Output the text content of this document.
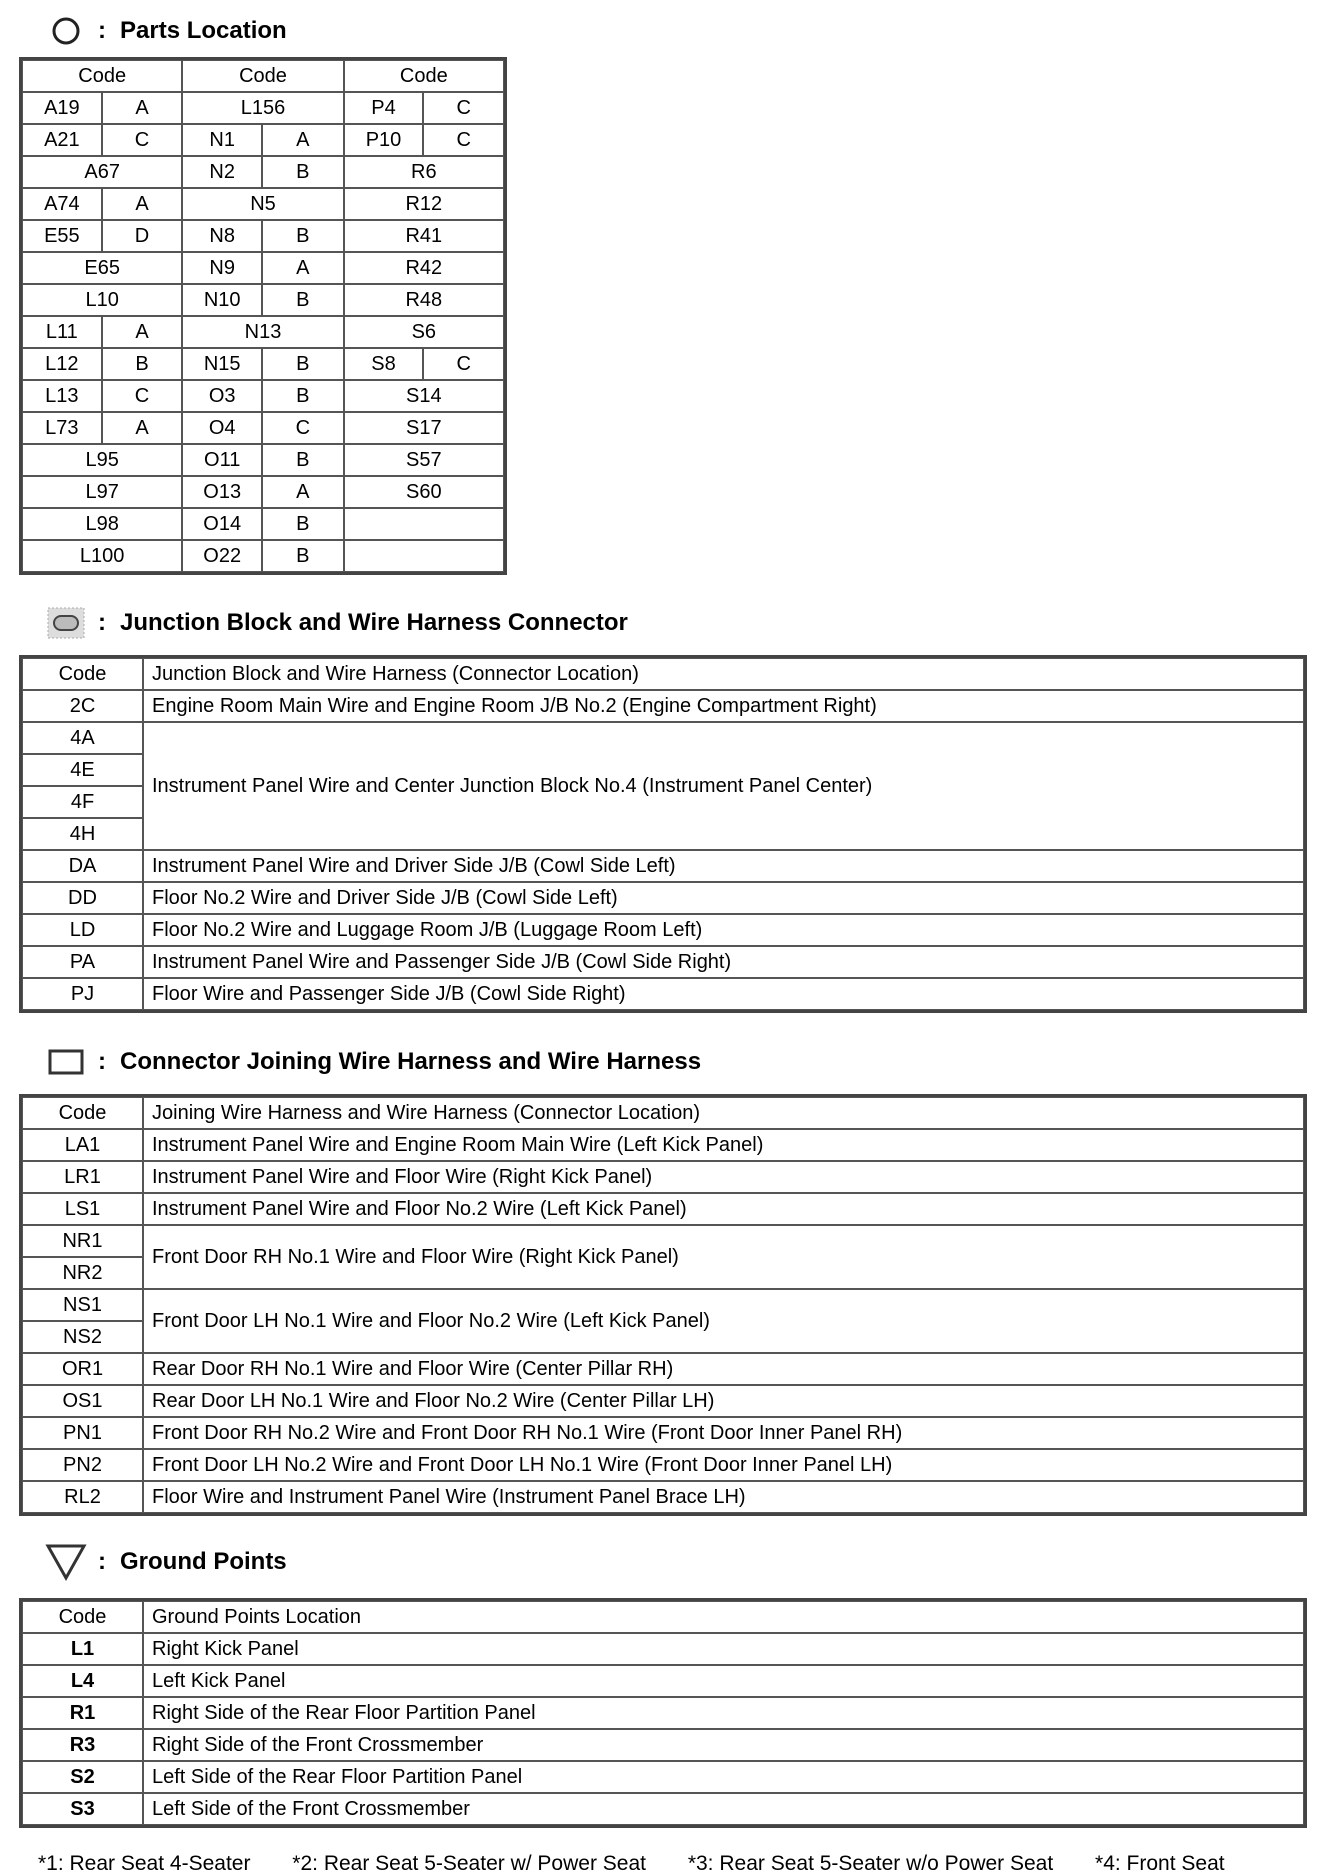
: Parts Location
Code		Code		Code	
A19	A	L156		P4	C
A21	C	N1	A	P10	C
A67		N2	B	R6	
A74	A	N5		R12	
E55	D	N8	B	R41	
E65		N9	A	R42	
L10		N10	B	R48	
L11	A	N13		S6	
L12	B	N15	B	S8	C
L13	C	O3	B	S14	
L73	A	O4	C	S17	
L95		O11	B	S57	
L97		O13	A	S60	
L98		O14	B		
L100		O22	B		
: Junction Block and Wire Harness Connector
Code	Junction Block and Wire Harness (Connector Location)
2C	Engine Room Main Wire and Engine Room J/B No.2 (Engine Compartment Right)
4A	Instrument Panel Wire and Center Junction Block No.4 (Instrument Panel Center)
4E	
4F	
4H	
DA	Instrument Panel Wire and Driver Side J/B (Cowl Side Left)
DD	Floor No.2 Wire and Driver Side J/B (Cowl Side Left)
LD	Floor No.2 Wire and Luggage Room J/B (Luggage Room Left)
PA	Instrument Panel Wire and Passenger Side J/B (Cowl Side Right)
PJ	Floor Wire and Passenger Side J/B (Cowl Side Right)
: Connector Joining Wire Harness and Wire Harness
Code	Joining Wire Harness and Wire Harness (Connector Location)
LA1	Instrument Panel Wire and Engine Room Main Wire (Left Kick Panel)
LR1	Instrument Panel Wire and Floor Wire (Right Kick Panel)
LS1	Instrument Panel Wire and Floor No.2 Wire (Left Kick Panel)
NR1	Front Door RH No.1 Wire and Floor Wire (Right Kick Panel)
NR2	
NS1	Front Door LH No.1 Wire and Floor No.2 Wire (Left Kick Panel)
NS2	
OR1	Rear Door RH No.1 Wire and Floor Wire (Center Pillar RH)
OS1	Rear Door LH No.1 Wire and Floor No.2 Wire (Center Pillar LH)
PN1	Front Door RH No.2 Wire and Front Door RH No.1 Wire (Front Door Inner Panel RH)
PN2	Front Door LH No.2 Wire and Front Door LH No.1 Wire (Front Door Inner Panel LH)
RL2	Floor Wire and Instrument Panel Wire (Instrument Panel Brace LH)
: Ground Points
Code	Ground Points Location
L1	Right Kick Panel
L4	Left Kick Panel
R1	Right Side of the Rear Floor Partition Panel
R3	Right Side of the Front Crossmember
S2	Left Side of the Rear Floor Partition Panel
S3	Left Side of the Front Crossmember
*1: Rear Seat 4-Seater *2: Rear Seat 5-Seater w/ Power Seat *3: Rear Seat 5-Seater w/o Power Seat *4: Front Seat
